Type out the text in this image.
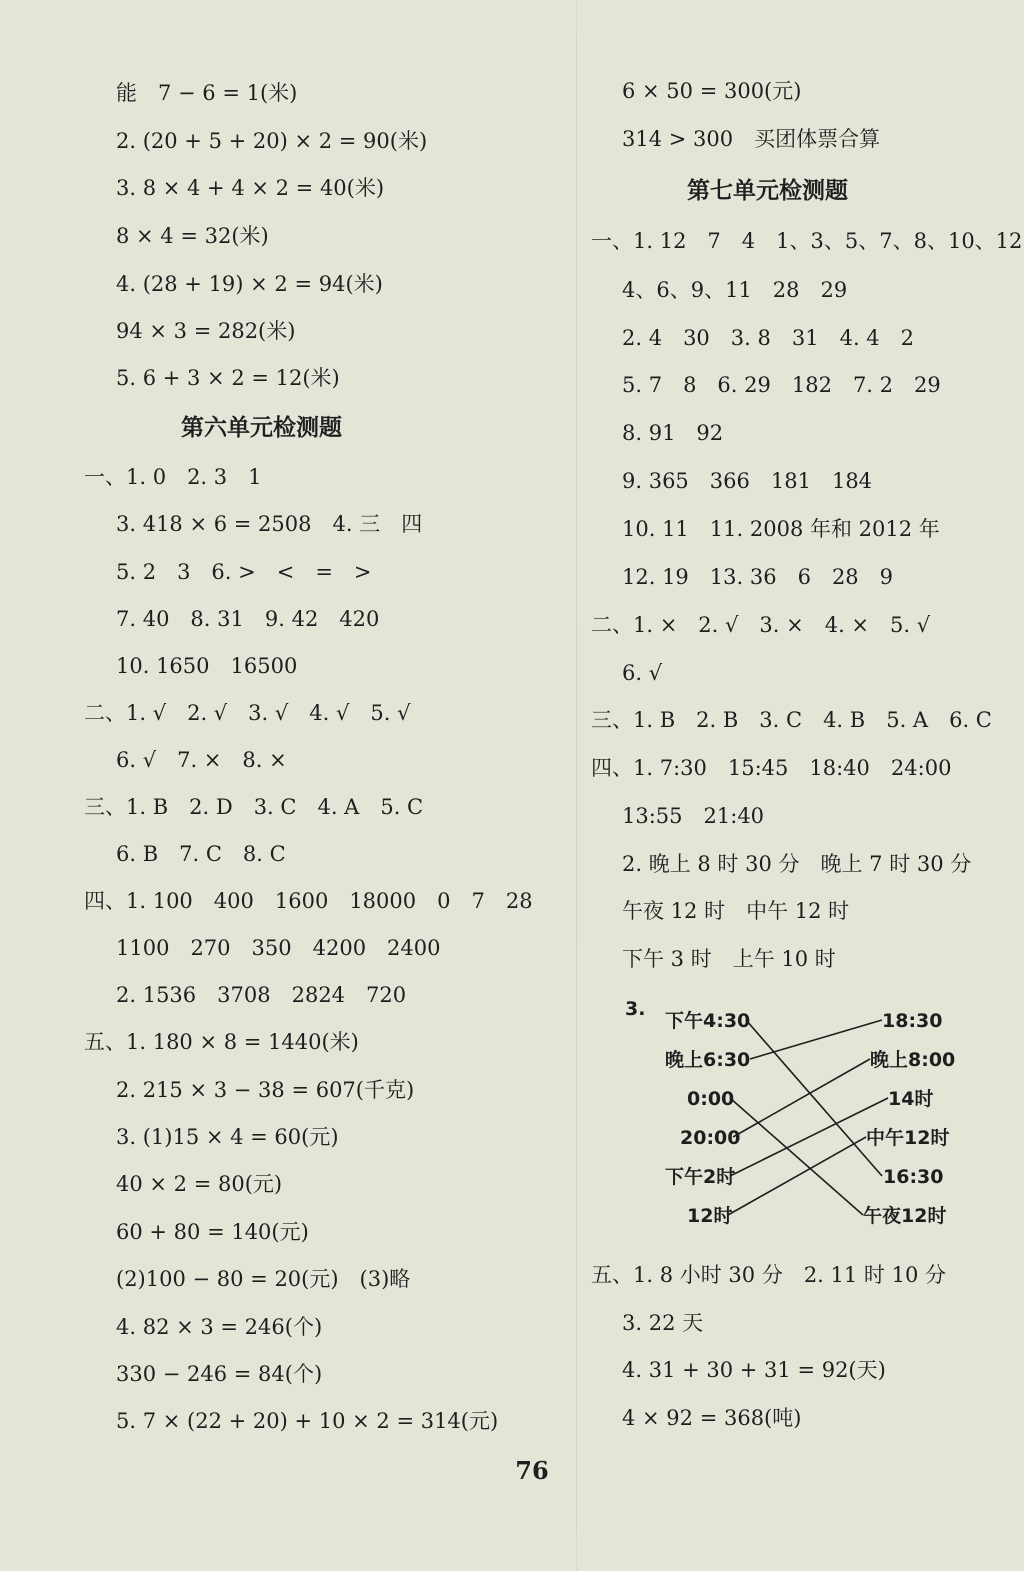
能　7 − 6 = 1(米)
2. (20 + 5 + 20) × 2 = 90(米)
3. 8 × 4 + 4 × 2 = 40(米)
8 × 4 = 32(米)
4. (28 + 19) × 2 = 94(米)
94 × 3 = 282(米)
5. 6 + 3 × 2 = 12(米)
第六单元检测题
一、1. 0　2. 3　1
3. 418 × 6 = 2508　4. 三　四
5. 2　3　6. >　<　=　>
7. 40　8. 31　9. 42　420
10. 1650　16500
二、1. √　2. √　3. √　4. √　5. √
6. √　7. ×　8. ×
三、1. B　2. D　3. C　4. A　5. C
6. B　7. C　8. C
四、1. 100　400　1600　18000　0　7　28
1100　270　350　4200　2400
2. 1536　3708　2824　720
五、1. 180 × 8 = 1440(米)
2. 215 × 3 − 38 = 607(千克)
3. (1)15 × 4 = 60(元)
40 × 2 = 80(元)
60 + 80 = 140(元)
(2)100 − 80 = 20(元)　(3)略
4. 82 × 3 = 246(个)
330 − 246 = 84(个)
5. 7 × (22 + 20) + 10 × 2 = 314(元)
6 × 50 = 300(元)
314 > 300　买团体票合算
第七单元检测题
一、1. 12　7　4　1、3、5、7、8、10、12
4、6、9、11　28　29
2. 4　30　3. 8　31　4. 4　2
5. 7　8　6. 29　182　7. 2　29
8. 91　92
9. 365　366　181　184
10. 11　11. 2008 年和 2012 年
12. 19　13. 36　6　28　9
二、1. ×　2. √　3. ×　4. ×　5. √
6. √
三、1. B　2. B　3. C　4. B　5. A　6. C
四、1. 7:30　15:45　18:40　24:00
13:55　21:40
2. 晚上 8 时 30 分　晚上 7 时 30 分
午夜 12 时　中午 12 时
下午 3 时　上午 10 时
3.
下午4:30
晚上6:30
0:00
20:00
下午2时
12时
18:30
晚上8:00
14时
中午12时
16:30
午夜12时
五、1. 8 小时 30 分　2. 11 时 10 分
3. 22 天
4. 31 + 30 + 31 = 92(天)
4 × 92 = 368(吨)
76
